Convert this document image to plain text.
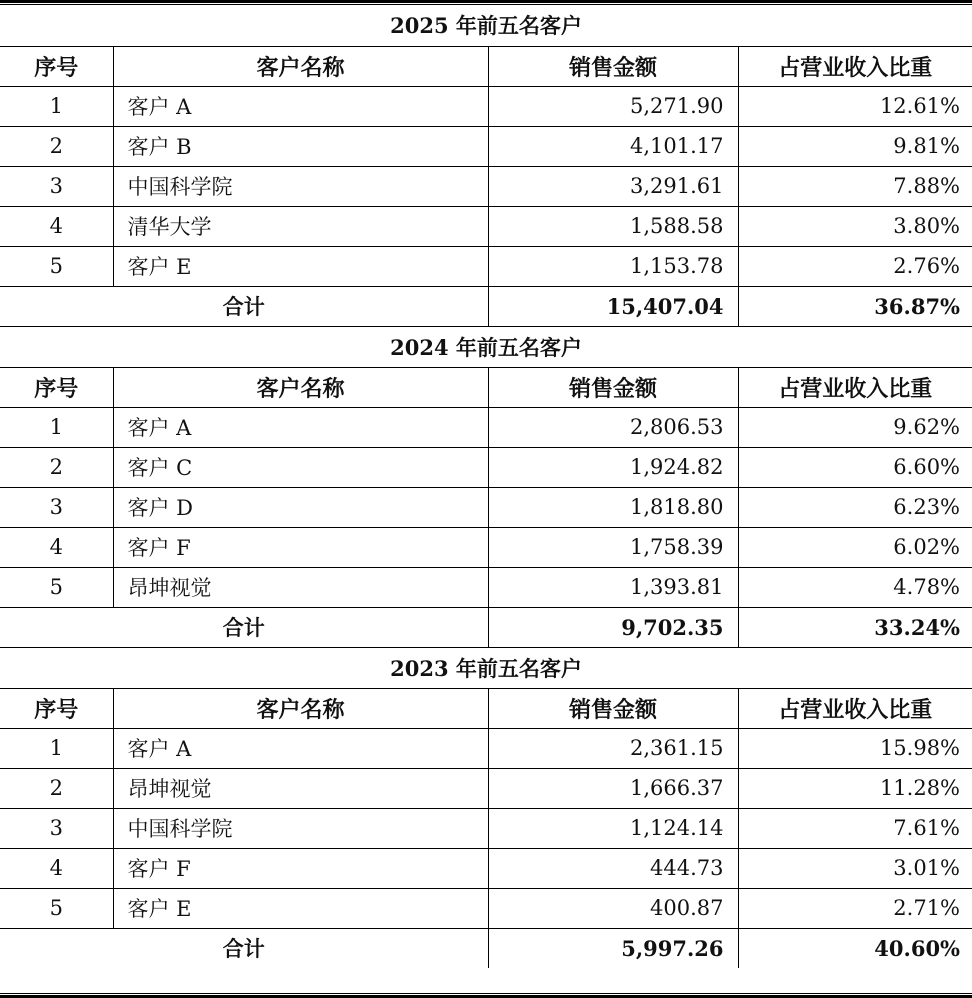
2025 年前五名客户			
序号	客户名称	销售金额	占营业收入比重
1	客户 A	5,271.90	12.61%
2	客户 B	4,101.17	9.81%
3	中国科学院	3,291.61	7.88%
4	清华大学	1,588.58	3.80%
5	客户 E	1,153.78	2.76%
合计		15,407.04	36.87%
2024 年前五名客户			
序号	客户名称	销售金额	占营业收入比重
1	客户 A	2,806.53	9.62%
2	客户 C	1,924.82	6.60%
3	客户 D	1,818.80	6.23%
4	客户 F	1,758.39	6.02%
5	昂坤视觉	1,393.81	4.78%
合计		9,702.35	33.24%
2023 年前五名客户			
序号	客户名称	销售金额	占营业收入比重
1	客户 A	2,361.15	15.98%
2	昂坤视觉	1,666.37	11.28%
3	中国科学院	1,124.14	7.61%
4	客户 F	444.73	3.01%
5	客户 E	400.87	2.71%
合计		5,997.26	40.60%
